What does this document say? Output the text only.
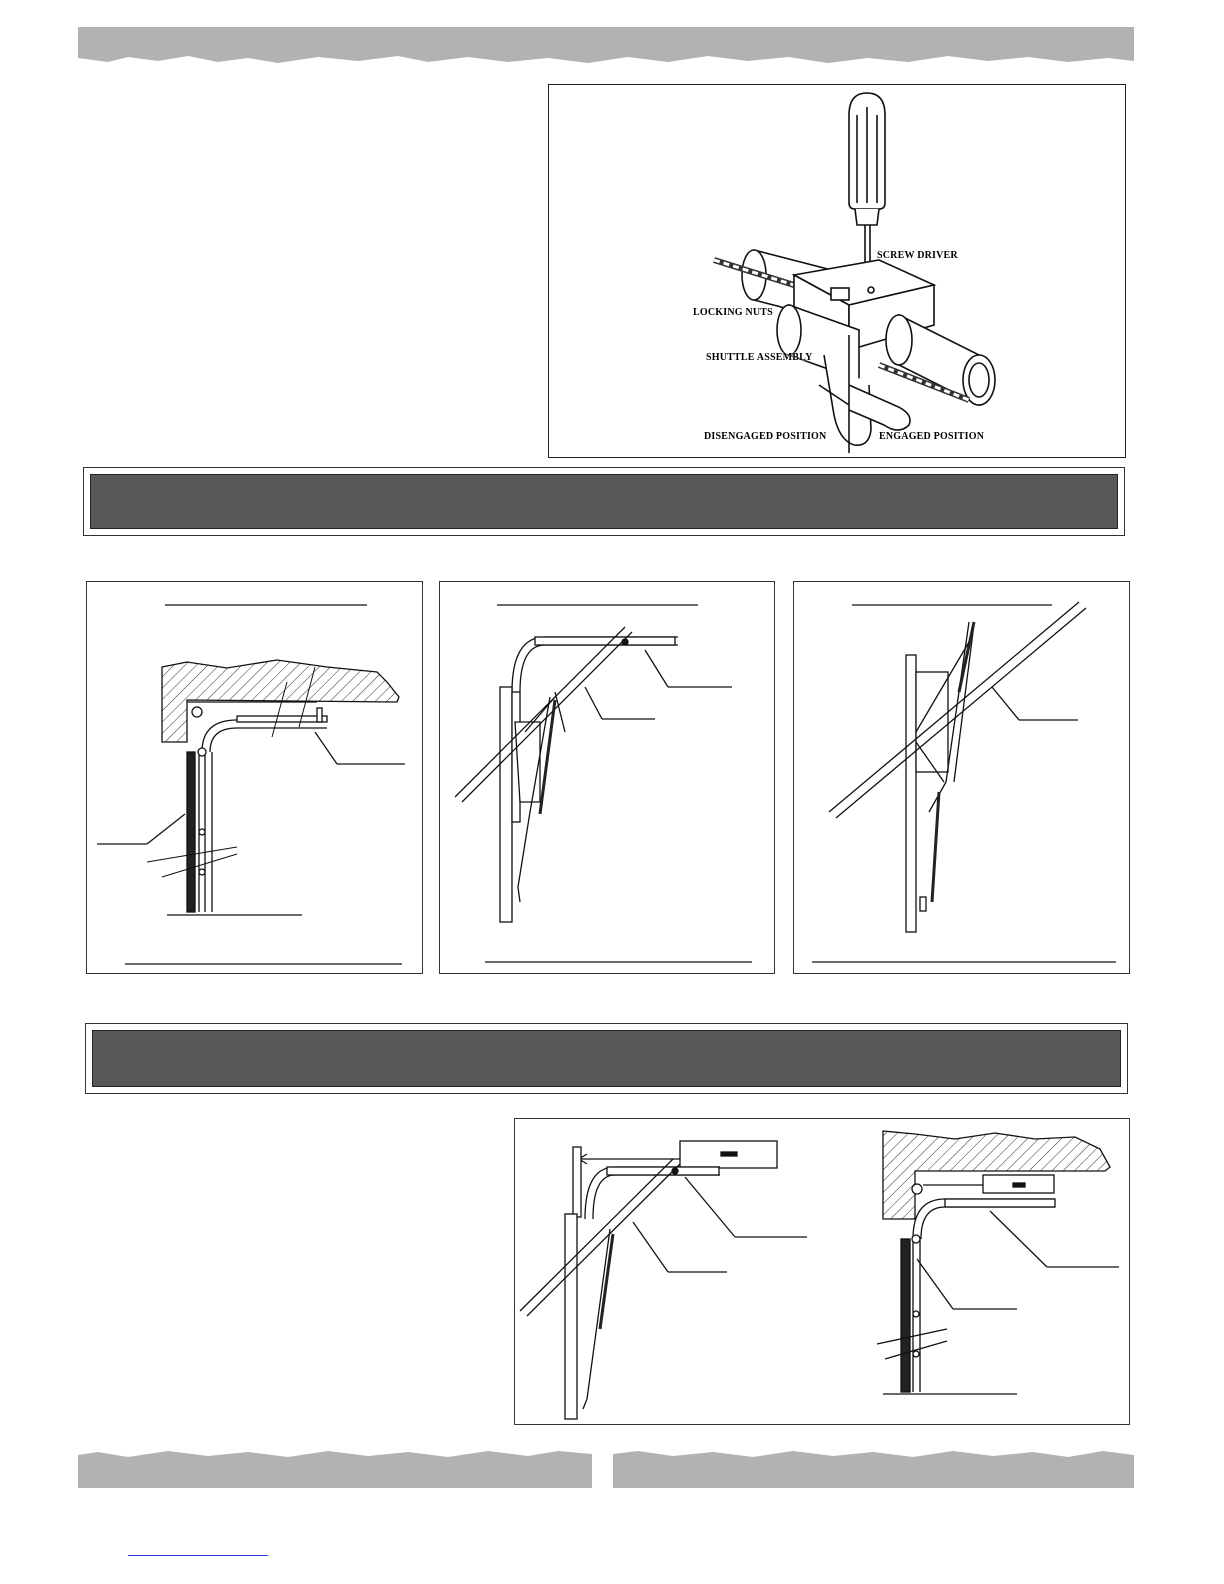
SCREW DRIVER
LOCKING NUTS
SHUTTLE ASSEMBLY
DISENGAGED POSITION	ENGAGED POSITION
